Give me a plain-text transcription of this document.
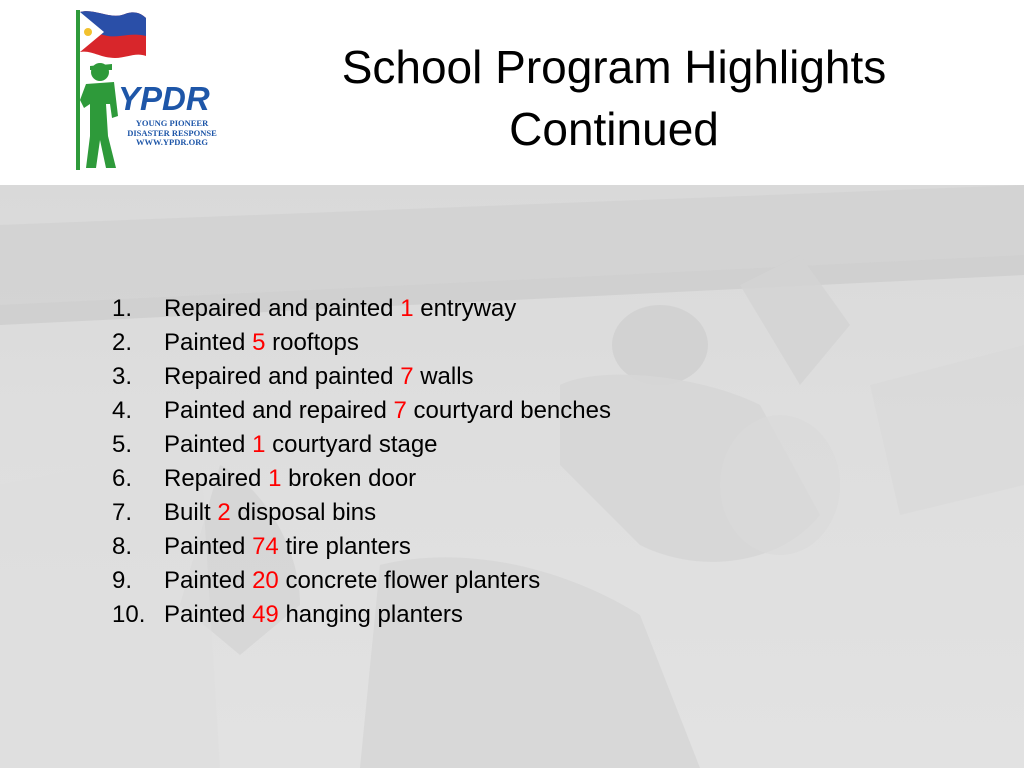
YPDR
YOUNG PIONEER
DISASTER RESPONSE
WWW.YPDR.ORG
School Program Highlights
Continued
1.	Repaired and painted 1 entryway
2.	Painted 5 rooftops
3.	Repaired and painted 7 walls
4.	Painted and repaired 7 courtyard benches
5.	Painted 1 courtyard stage
6.	Repaired 1 broken door
7.	Built 2 disposal bins
8.	Painted 74 tire planters
9.	Painted 20 concrete flower planters
10. Painted 49 hanging planters
